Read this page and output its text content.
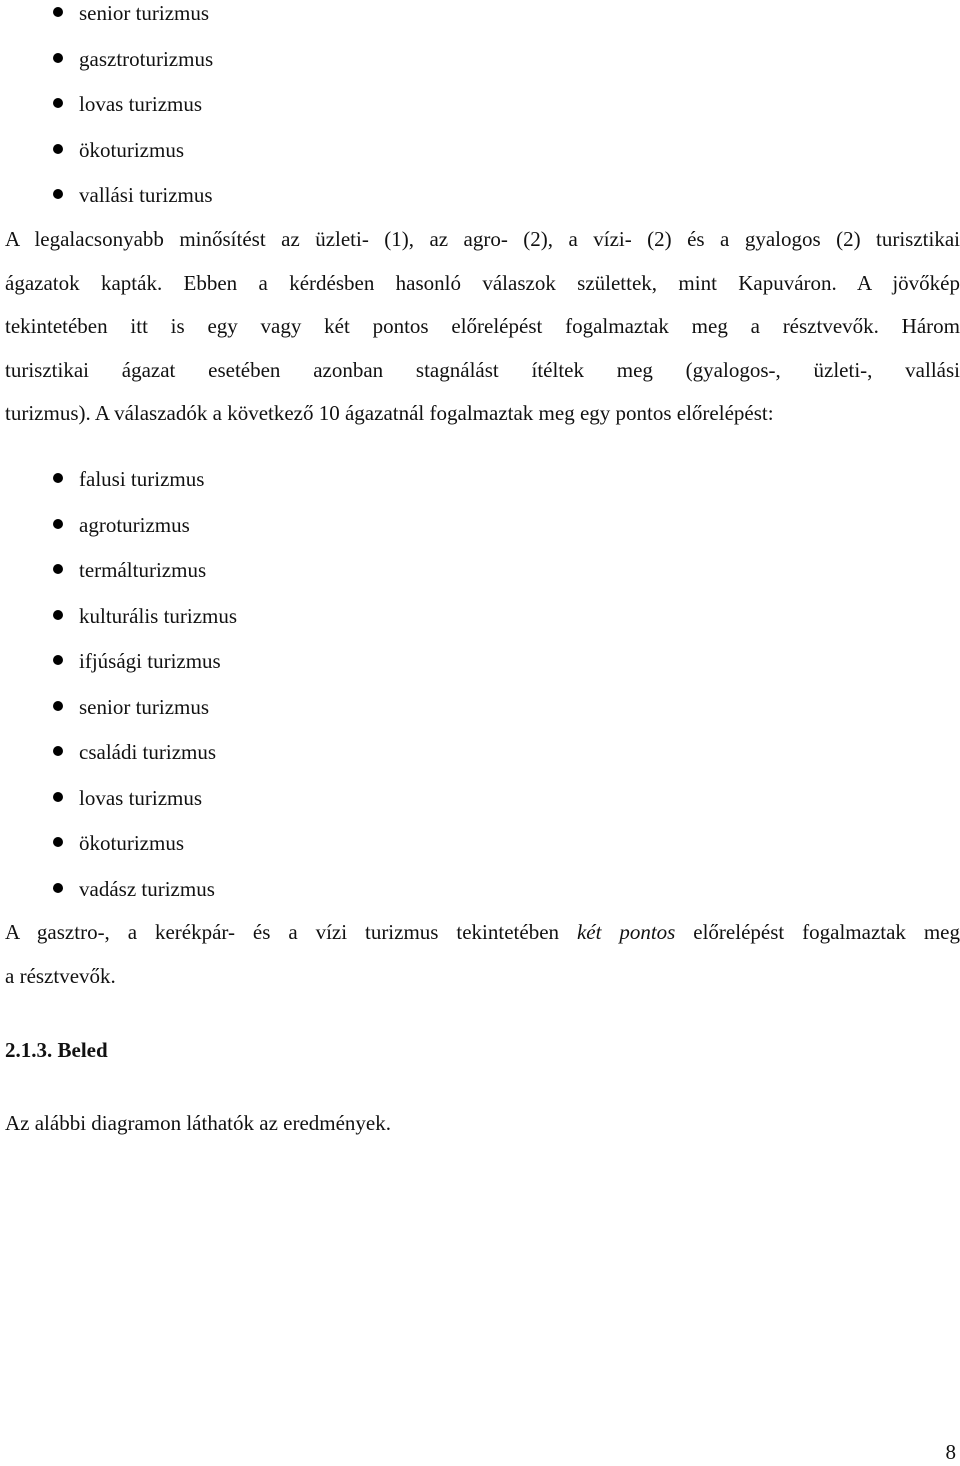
senior turizmus
gasztroturizmus
lovas turizmus
ökoturizmus
vallási turizmus

A legalacsonyabb minősítést az üzleti- (1), az agro- (2), a vízi- (2) és a gyalogos (2) turisztikai
ágazatok kapták. Ebben a kérdésben hasonló válaszok születtek, mint Kapuváron. A jövőkép
tekintetében itt is egy vagy két pontos előrelépést fogalmaztak meg a résztvevők. Három
turisztikai ágazat esetében azonban stagnálást ítéltek meg (gyalogos-, üzleti-, vallási
turizmus). A válaszadók a következő 10 ágazatnál fogalmaztak meg egy pontos előrelépést:

falusi turizmus
agroturizmus
termálturizmus
kulturális turizmus
ifjúsági turizmus
senior turizmus
családi turizmus
lovas turizmus
ökoturizmus
vadász turizmus

A gasztro-, a kerékpár- és a vízi turizmus tekintetében két pontos előrelépést fogalmaztak meg
a résztvevők.

2.1.3. Beled

Az alábbi diagramon láthatók az eredmények.

8
